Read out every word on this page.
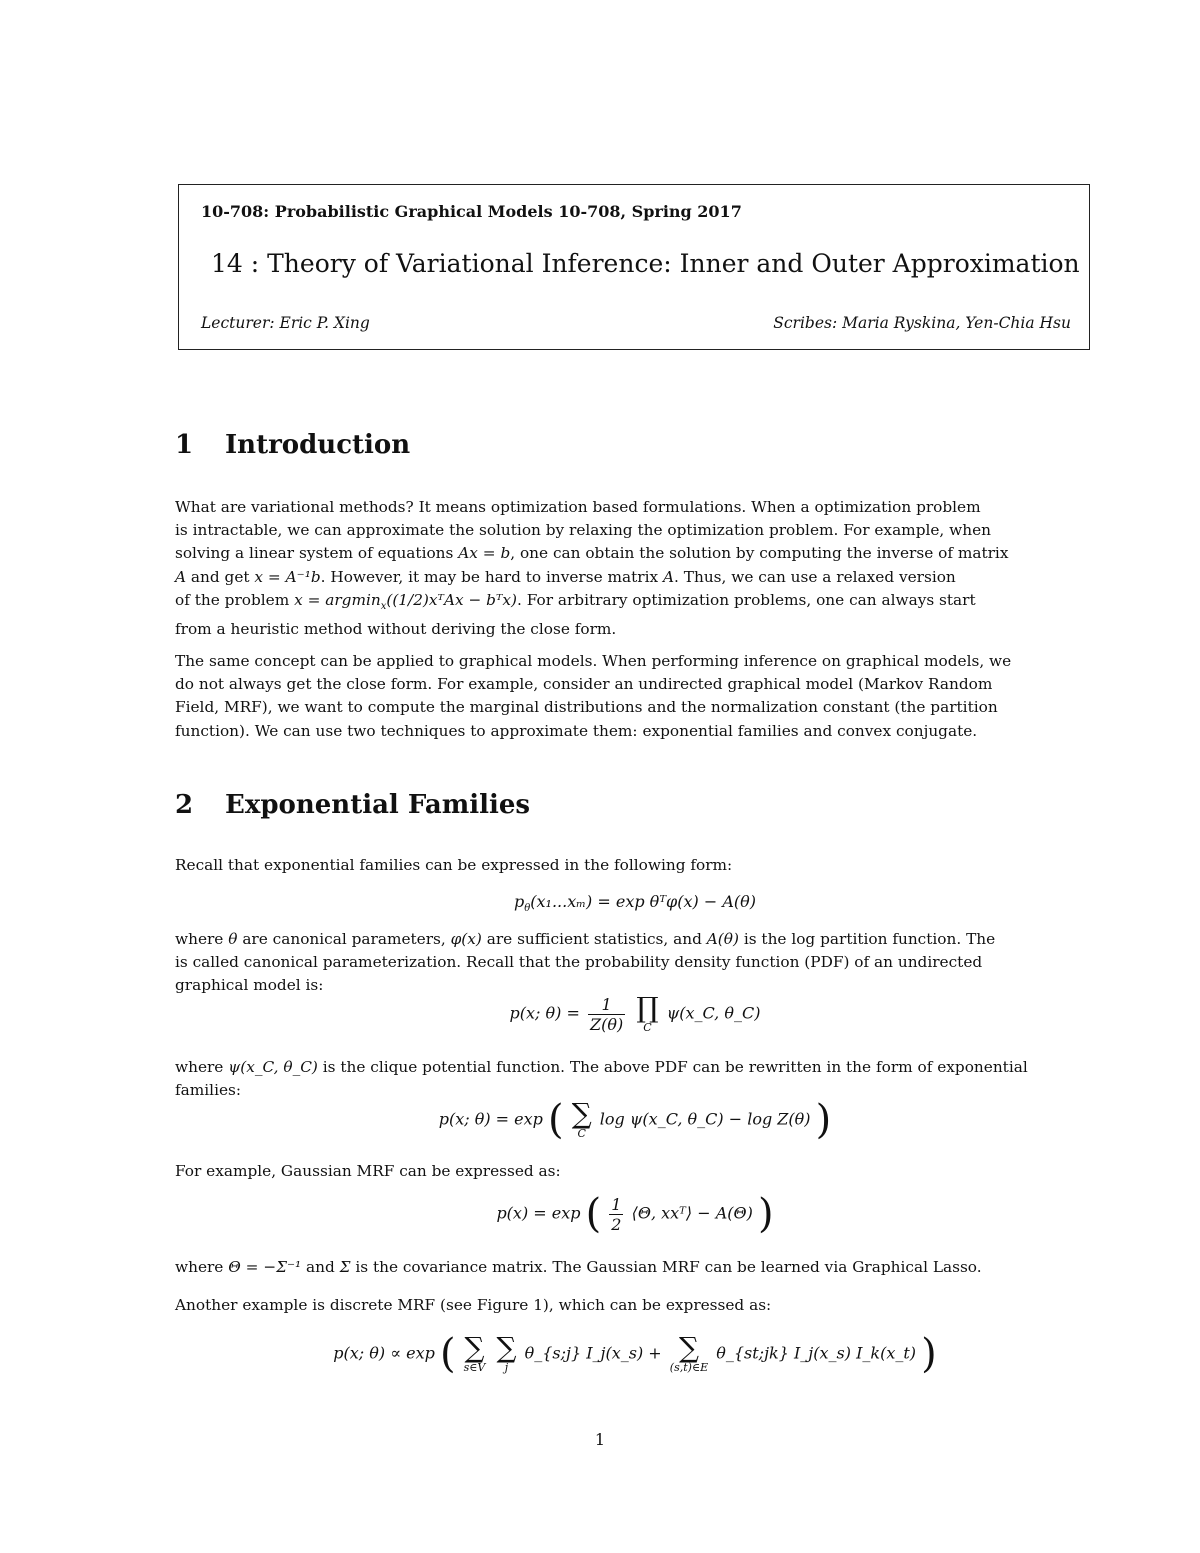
10-708: Probabilistic Graphical Models 10-708, Spring 2017
14 : Theory of Variational Inference: Inner and Outer Approximation
Lecturer: Eric P. Xing	Scribes: Maria Ryskina, Yen-Chia Hsu
1 Introduction
What are variational methods? It means optimization based formulations. When a optimization problem
is intractable, we can approximate the solution by relaxing the optimization problem. For example, when
solving a linear system of equations Ax = b, one can obtain the solution by computing the inverse of matrix
A and get x = A⁻¹b. However, it may be hard to inverse matrix A. Thus, we can use a relaxed version
of the problem x = argmin$_x$((1/2)xᵀAx − bᵀx). For arbitrary optimization problems, one can always start
from a heuristic method without deriving the close form.
The same concept can be applied to graphical models. When performing inference on graphical models, we
do not always get the close form. For example, consider an undirected graphical model (Markov Random
Field, MRF), we want to compute the marginal distributions and the normalization constant (the partition
function). We can use two techniques to approximate them: exponential families and convex conjugate.
2 Exponential Families
Recall that exponential families can be expressed in the following form:
$p_\theta(x_1...x_m) = \exp$ θᵀφ(x) − A(θ)
where θ are canonical parameters, φ(x) are sufficient statistics, and A(θ) is the log partition function. The
is called canonical parameterization. Recall that the probability density function (PDF) of an undirected
graphical model is:
p(x; $\theta) = \frac{1}{Z(\theta)}$
∏
C
ψ(x_C, θ_C)
where ψ(x_C, θ_C) is the clique potential function. The above PDF can be rewritten in the form of exponential
families:
p(x; θ) = exp ( ∑
C
log ψ(x_C, θ_C) − log Z(θ) )
For example, Gaussian MRF can be expressed as:
p(x) = exp ( $\frac{1}{2}$ ⟨Θ, xxᵀ⟩ − A(Θ) )
where Θ = −Σ⁻¹ and Σ is the covariance matrix. The Gaussian MRF can be learned via Graphical Lasso.
Another example is discrete MRF (see Figure 1), which can be expressed as:
p(x; θ) ∝ exp ( ∑
s∈V

∑
j
θ_{s;j} I_j(x_s) + ∑
(s,t)∈E
θ_{st;jk} I_j(x_s) I_k(x_t) )
1
